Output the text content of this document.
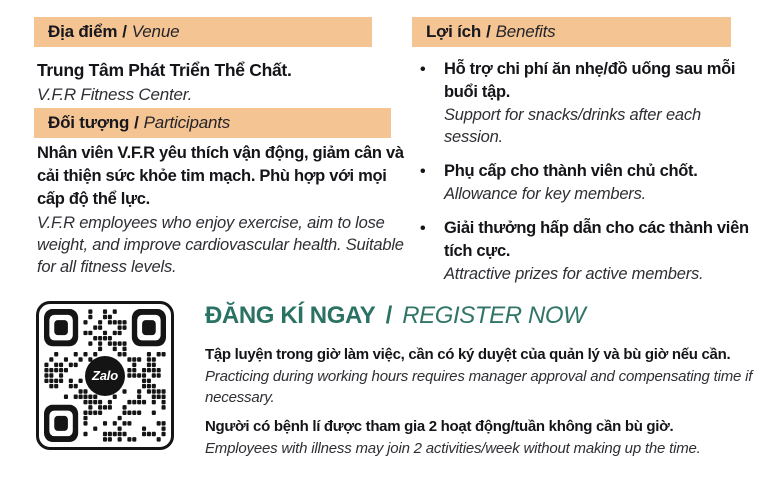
Địa điểm / Venue
Trung Tâm Phát Triển Thể Chất.
V.F.R Fitness Center.
Đối tượng / Participants
Nhân viên V.F.R yêu thích vận động, giảm cân và cải thiện sức khỏe tim mạch. Phù hợp với mọi cấp độ thể lực.
V.F.R employees who enjoy exercise, aim to lose weight, and improve cardiovascular health. Suitable for all fitness levels.
Lợi ích / Benefits
•	Hỗ trợ chi phí ăn nhẹ/đồ uống sau mỗi buổi tập.
Support for snacks/drinks after each session.
•	Phụ cấp cho thành viên chủ chốt.
Allowance for key members.
•	Giải thưởng hấp dẫn cho các thành viên tích cực.
Attractive prizes for active members.
Zalo
ĐĂNG KÍ NGAY / REGISTER NOW
Tập luyện trong giờ làm việc, cần có ký duyệt của quản lý và bù giờ nếu cần.
Practicing during working hours requires manager approval and compensating time if necessary.
Người có bệnh lí được tham gia 2 hoạt động/tuần không cần bù giờ.
Employees with illness may join 2 activities/week without making up the time.
